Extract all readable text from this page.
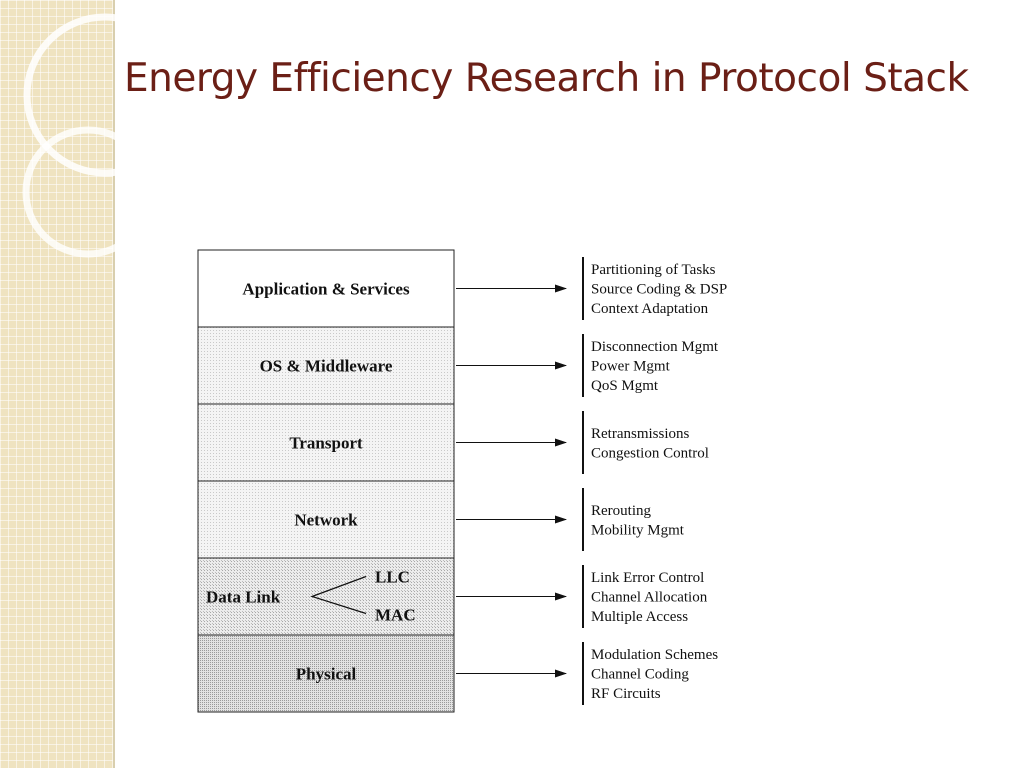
Energy Efficiency Research in Protocol Stack
Application & Services
Partitioning of Tasks
Source Coding & DSP
Context Adaptation
OS & Middleware
Disconnection Mgmt
Power Mgmt
QoS Mgmt
Transport	Retransmissions
Congestion Control
Network	Rerouting
Mobility Mgmt
Data Link
LLC
MAC
Link Error Control
Channel Allocation
Multiple Access
Physical
Modulation Schemes
Channel Coding
RF Circuits
